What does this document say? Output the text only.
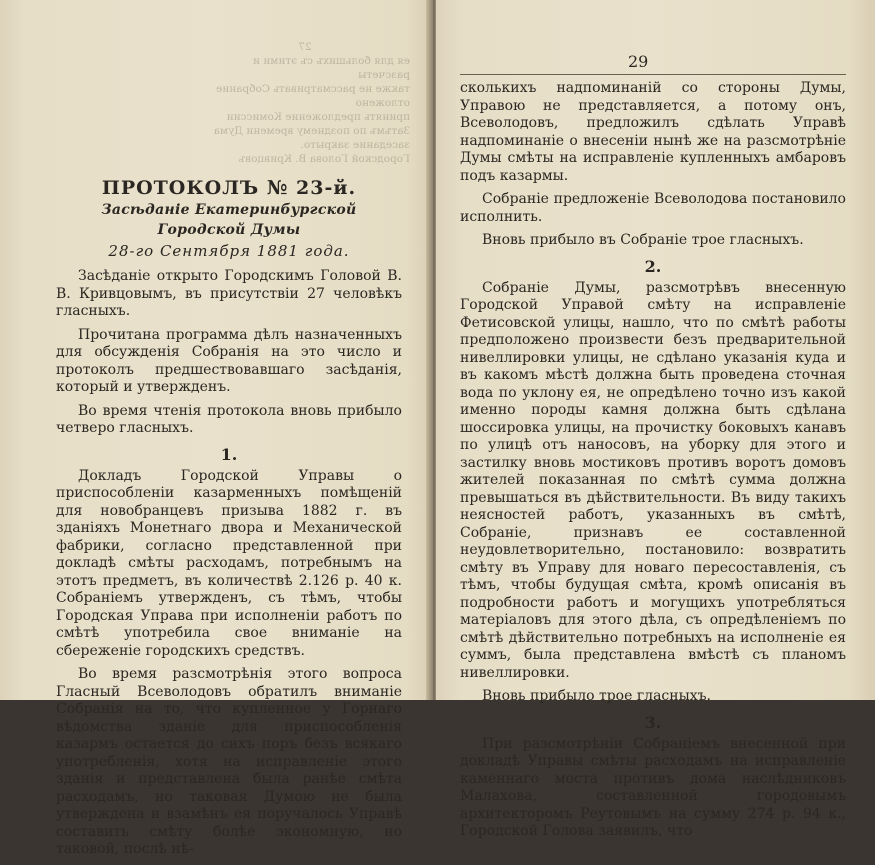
27
ея для большихъ съ этими и разсчеты
также не рассматривать Собрание отложено
принять предложение Комиссии
Затъмъ по позднему времени Дума
заседание закрыто.
Городской Голова В. Кривцовъ

ПРОТОКОЛЪ № 23-й.

Засѣданіе Екатеринбургской Городской Думы

28-го Сентября 1881 года.

Засѣданіе открыто Городскимъ Головой В. В. Кривцовымъ, въ присутствіи 27 человѣкъ гласныхъ.

Прочитана программа дѣлъ назначенныхъ для обсужденія Собранія на это число и протоколъ предшествовавшаго засѣданія, который и утвержденъ.

Во время чтенія протокола вновь прибыло четверо гласныхъ.

1.

Докладъ Городской Управы о приспособленіи казарменныхъ помѣщеній для новобранцевъ призыва 1882 г. въ зданіяхъ Монетнаго двора и Механической фабрики, согласно представленной при докладѣ смѣты расходамъ, потребнымъ на этотъ предметъ, въ количествѣ 2.126 р. 40 к. Собраніемъ утвержденъ, съ тѣмъ, чтобы Городская Управа при исполненіи работъ по смѣтѣ употребила свое вниманіе на сбереженіе городскихъ средствъ.

Во время разсмотрѣнія этого вопроса Гласный Всеволодовъ обратилъ вниманіе Собранія на то, что купленное у Горнаго вѣдомства зданіе для приспособленія казармъ остается до сихъ поръ безъ всякаго употребленія, хотя на исправленіе этого зданія и представлена была ранѣе смѣта расходамъ, но таковая Думою не была утверждена и взамѣнъ ея поручалось Управѣ составить смѣту болѣе экономную, но таковой, послѣ нѣ-

29

сколькихъ надпоминаній со стороны Думы, Управою не представляется, а потому онъ, Всеволодовъ, предложилъ сдѣлать Управѣ надпоминаніе о внесеніи нынѣ же на разсмотрѣніе Думы смѣты на исправленіе купленныхъ амбаровъ подъ казармы.

Собраніе предложеніе Всеволодова постановило исполнить.

Вновь прибыло въ Собраніе трое гласныхъ.

2.

Собраніе Думы, разсмотрѣвъ внесенную Городской Управой смѣту на исправленіе Фетисовской улицы, нашло, что по смѣтѣ работы предположено произвести безъ предварительной нивеллировки улицы, не сдѣлано указанія куда и въ какомъ мѣстѣ должна быть проведена сточная вода по уклону ея, не опредѣлено точно изъ какой именно породы камня должна быть сдѣлана шоссировка улицы, на прочистку боковыхъ канавъ по улицѣ отъ наносовъ, на уборку для этого и застилку вновь мостиковъ противъ воротъ домовъ жителей показанная по смѣтѣ сумма должна превышаться въ дѣйствительности. Въ виду такихъ неясностей работъ, указанныхъ въ смѣтѣ, Собраніе, признавъ ее составленной неудовлетворительно, постановило: возвратить смѣту въ Управу для новаго пересоставленія, съ тѣмъ, чтобы будущая смѣта, кромѣ описанія въ подробности работъ и могущихъ употребляться матеріаловъ для этого дѣла, съ опредѣленіемъ по смѣтѣ дѣйствительно потребныхъ на исполненіе ея суммъ, была представлена вмѣстѣ съ планомъ нивеллировки.

Вновь прибыло трое гласныхъ.

3.

При разсмотрѣніи Собраніемъ внесенной при докладѣ Управы смѣты расходамъ на исправленіе каменнаго моста противъ дома наслѣдниковъ Малахова, составленной городовымъ архитекторомъ Реутовымъ на сумму 274 р. 94 к., Городской Голова заявилъ, что
